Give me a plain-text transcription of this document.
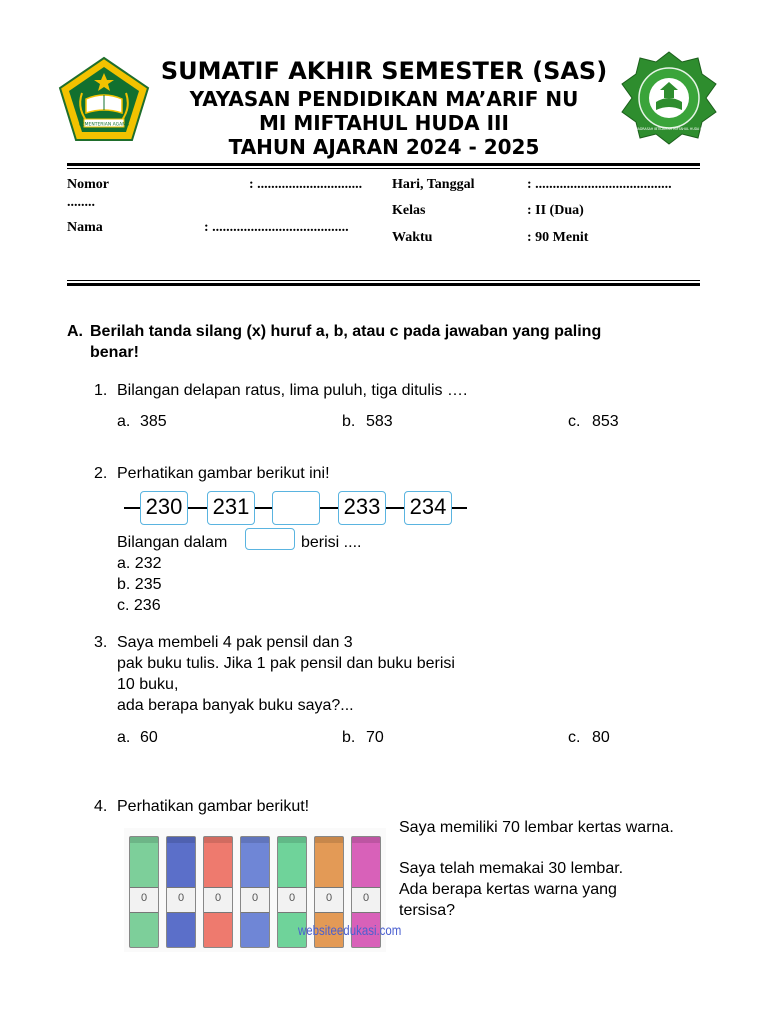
KEMENTERIAN AGAMA
MADRASAH IBTIDAIYAH MIFTAHUL HUDA III
SUMATIF AKHIR SEMESTER (SAS)
YAYASAN PENDIDIKAN MA’ARIF NU
MI MIFTAHUL HUDA III
TAHUN AJARAN 2024 - 2025
Nomor	: ..............................
........
Nama	: .......................................
Hari, Tanggal	: .......................................
Kelas	: II (Dua)
Waktu	: 90 Menit
A. Berilah tanda silang (x) huruf a, b, atau c pada jawaban yang paling
benar!
1. Bilangan delapan ratus, lima puluh, tiga ditulis ….
a. 385	b. 583	c. 853
2. Perhatikan gambar berikut ini!
230 231	233 234
Bilangan dalam	berisi ....
a. 232
b. 235
c. 236
3. Saya membeli 4 pak pensil dan 3
pak buku tulis. Jika 1 pak pensil dan buku berisi
10 buku,
ada berapa banyak buku saya?...
a. 60	b. 70	c. 80
4. Perhatikan gambar berikut!
0	0	0	0	0	0	0
websiteedukasi.com
Saya memiliki 70 lembar kertas warna.
Saya telah memakai 30 lembar.
Ada berapa kertas warna yang
tersisa?
